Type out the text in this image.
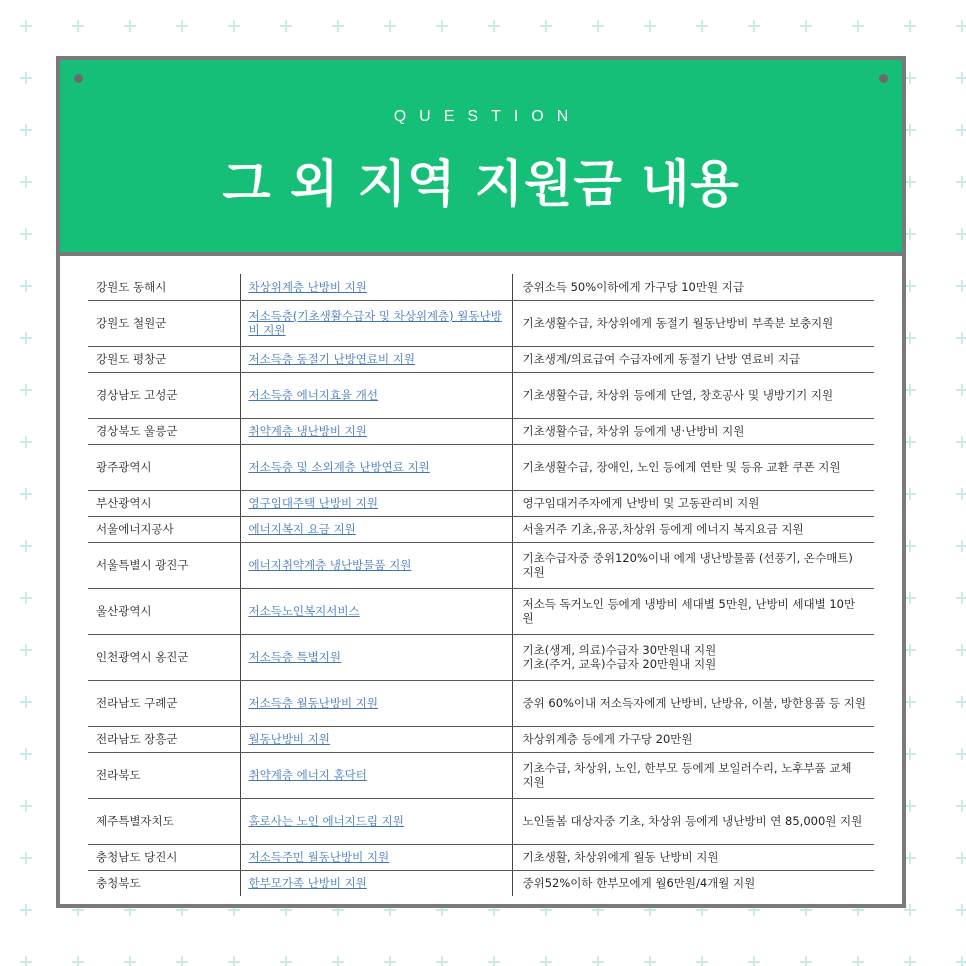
QUESTION
그 외 지역 지원금 내용
강원도 동해시	차상위계층 난방비 지원	중위소득 50%이하에게 가구당 10만원 지급
강원도 철원군	저소득층(기초생활수급자 및 차상위계층) 월동난방비 지원	기초생활수급, 차상위에게 동절기 월동난방비 부족분 보충지원
강원도 평창군	저소득층 동절기 난방연료비 지원	기초생계/의료급여 수급자에게 동절기 난방 연료비 지급
경상남도 고성군	저소득층 에너지효율 개선	기초생활수급, 차상위 등에게 단열, 창호공사 및 냉방기기 지원
경상북도 울릉군	취약계층 냉난방비 지원	기초생활수급, 차상위 등에게 냉·난방비 지원
광주광역시	저소득층 및 소외계층 난방연료 지원	기초생활수급, 장애인, 노인 등에게 연탄 및 등유 교환 쿠폰 지원
부산광역시	영구임대주택 난방비 지원	영구임대거주자에게 난방비 및 고동관리비 지원
서울에너지공사	에너지복지 요금 지원	서울거주 기초,유공,차상위 등에게 에너지 복지요금 지원
서울특별시 광진구	에너지취약계층 냉난방물품 지원	기초수급자중 중위120%이내 에게 냉난방물품 (선풍기, 온수매트) 지원
울산광역시	저소득노인복지서비스	저소득 독거노인 등에게 냉방비 세대별 5만원, 난방비 세대별 10만원
인천광역시 옹진군	저소득층 특별지원	기초(생계, 의료)수급자 30만원내 지원
기초(주거, 교육)수급자 20만원내 지원
전라남도 구례군	저소득층 월동난방비 지원	중위 60%이내 저소득자에게 난방비, 난방유, 이불, 방한용품 등 지원
전라남도 장흥군	월동난방비 지원	차상위계층 등에게 가구당 20만원
전라북도	취약계층 에너지 홈닥터	기초수급, 차상위, 노인, 한부모 등에게 보일러수리, 노후부품 교체 지원
제주특별자치도	홀로사는 노인 에너지드림 지원	노인돌봄 대상자중 기초, 차상위 등에게 냉난방비 연 85,000원 지원
충청남도 당진시	저소득주민 월동난방비 지원	기초생활, 차상위에게 월동 난방비 지원
충청북도	한부모가족 난방비 지원	중위52%이하 한부모에게 월6만원/4개월 지원
